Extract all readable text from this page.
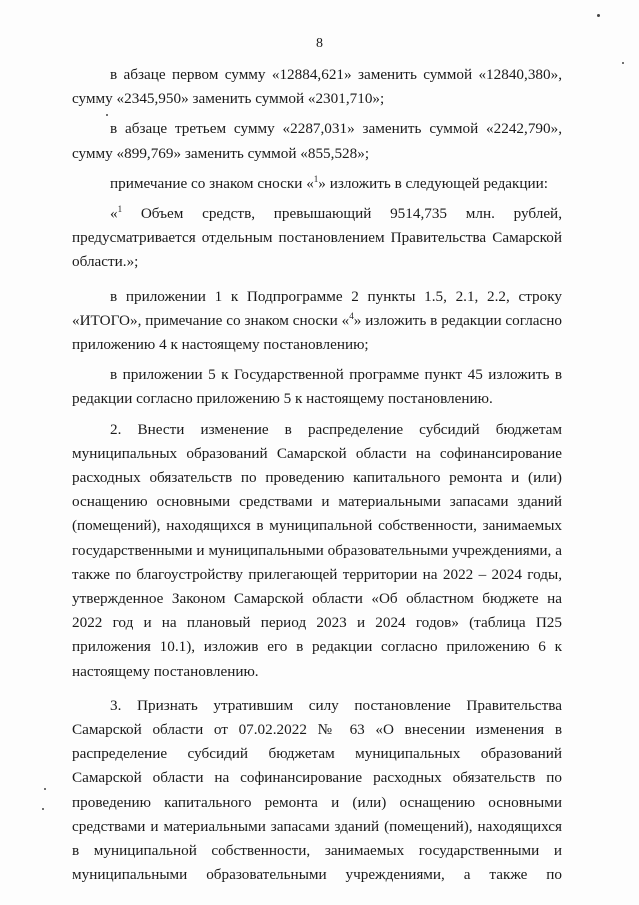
8

в абзаце первом сумму «12884,621» заменить суммой «12840,380», сумму «2345,950» заменить суммой «2301,710»;

в абзаце третьем сумму «2287,031» заменить суммой «2242,790», сумму «899,769» заменить суммой «855,528»;

примечание со знаком сноски «$^1$» изложить в следующей редакции:

«$^1$ Объем средств, превышающий 9514,735 млн. рублей, предусматривается отдельным постановлением Правительства Самарской области.»;

в приложении 1 к Подпрограмме 2 пункты 1.5, 2.1, 2.2, строку «ИТОГО», примечание со знаком сноски «$^4$» изложить в редакции согласно приложению 4 к настоящему постановлению;

в приложении 5 к Государственной программе пункт 45 изложить в редакции согласно приложению 5 к настоящему постановлению.

2. Внести изменение в распределение субсидий бюджетам муниципальных образований Самарской области на софинансирование расходных обязательств по проведению капитального ремонта и (или) оснащению основными средствами и материальными запасами зданий (помещений), находящихся в муниципальной собственности, занимаемых государственными и муниципальными образовательными учреждениями, а также по благоустройству прилегающей территории на 2022 – 2024 годы, утвержденное Законом Самарской области «Об областном бюджете на 2022 год и на плановый период 2023 и 2024 годов» (таблица П25 приложения 10.1), изложив его в редакции согласно приложению 6 к настоящему постановлению.

3. Признать утратившим силу постановление Правительства Самарской области от 07.02.2022 № 63 «О внесении изменения в распределение субсидий бюджетам муниципальных образований Самарской области на софинансирование расходных обязательств по проведению капитального ремонта и (или) оснащению основными средствами и материальными запасами зданий (помещений), находящихся в муниципальной собственности, занимаемых государственными и муниципальными образовательными учреждениями, а также по
